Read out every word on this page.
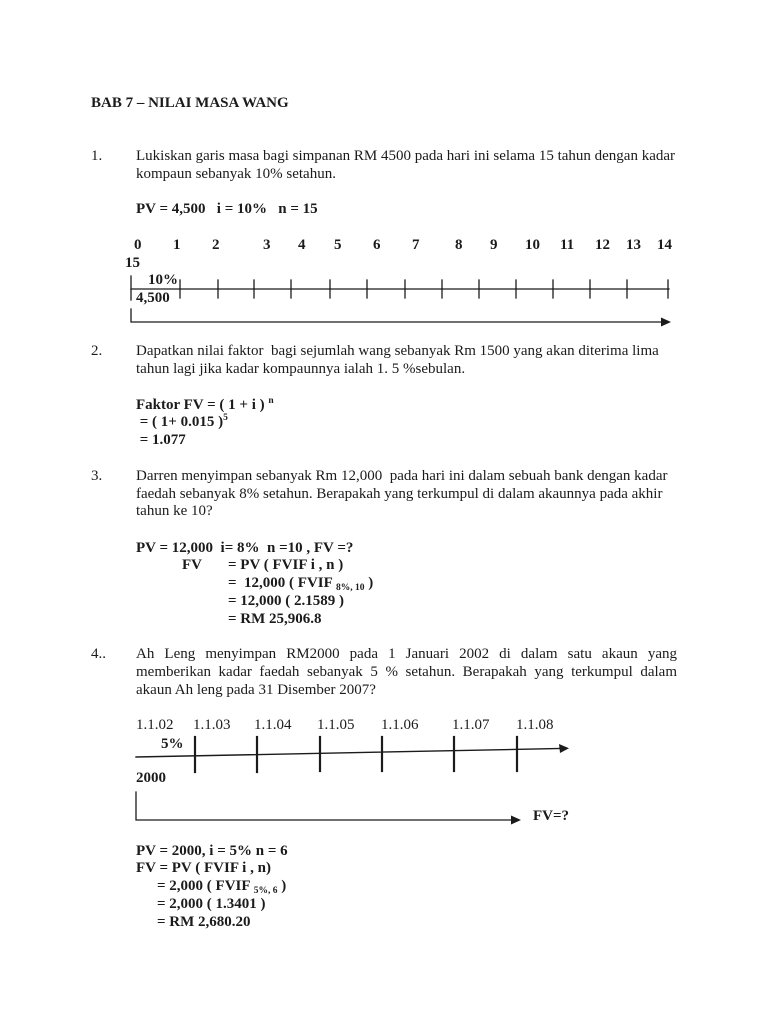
BAB 7 – NILAI MASA WANG
1. Lukiskan garis masa bagi simpanan RM 4500 pada hari ini selama 15 tahun dengan kadar
kompaun sebanyak 10% setahun.
PV = 4,500   i = 10%   n = 15
0 1 2	3 4 5 6 7 8 9 10 11 12 13 14
15
10%
4,500
2. Dapatkan nilai faktor  bagi sejumlah wang sebanyak Rm 1500 yang akan diterima lima
tahun lagi jika kadar kompaunnya ialah 1. 5 %sebulan.
Faktor FV = ( 1 + i ) $^n$
= ( 1+ 0.015 )$^5$
= 1.077
3. Darren menyimpan sebanyak Rm 12,000  pada hari ini dalam sebuah bank dengan kadar
faedah sebanyak 8% setahun. Berapakah yang terkumpul di dalam akaunnya pada akhir
tahun ke 10?
PV = 12,000  i= 8%  n =10 , FV =?
FV = PV ( FVIF i , n )
=  12,000 ( FVIF $_{8\%, 10}$ )
= 12,000 ( 2.1589 )
= RM 25,906.8
4.. Ah Leng menyimpan RM2000 pada 1 Januari 2002 di dalam satu akaun yang
memberikan kadar faedah sebanyak 5 % setahun. Berapakah yang terkumpul dalam
akaun Ah leng pada 31 Disember 2007?
1.1.02 1.1.03 1.1.04 1.1.05 1.1.06 1.1.07 1.1.08
5%
2000
FV=?
PV = 2000, i = 5% n = 6
FV = PV ( FVIF i , n)
= 2,000 ( FVIF $_{5\%, 6}$ )
= 2,000 ( 1.3401 )
= RM 2,680.20
